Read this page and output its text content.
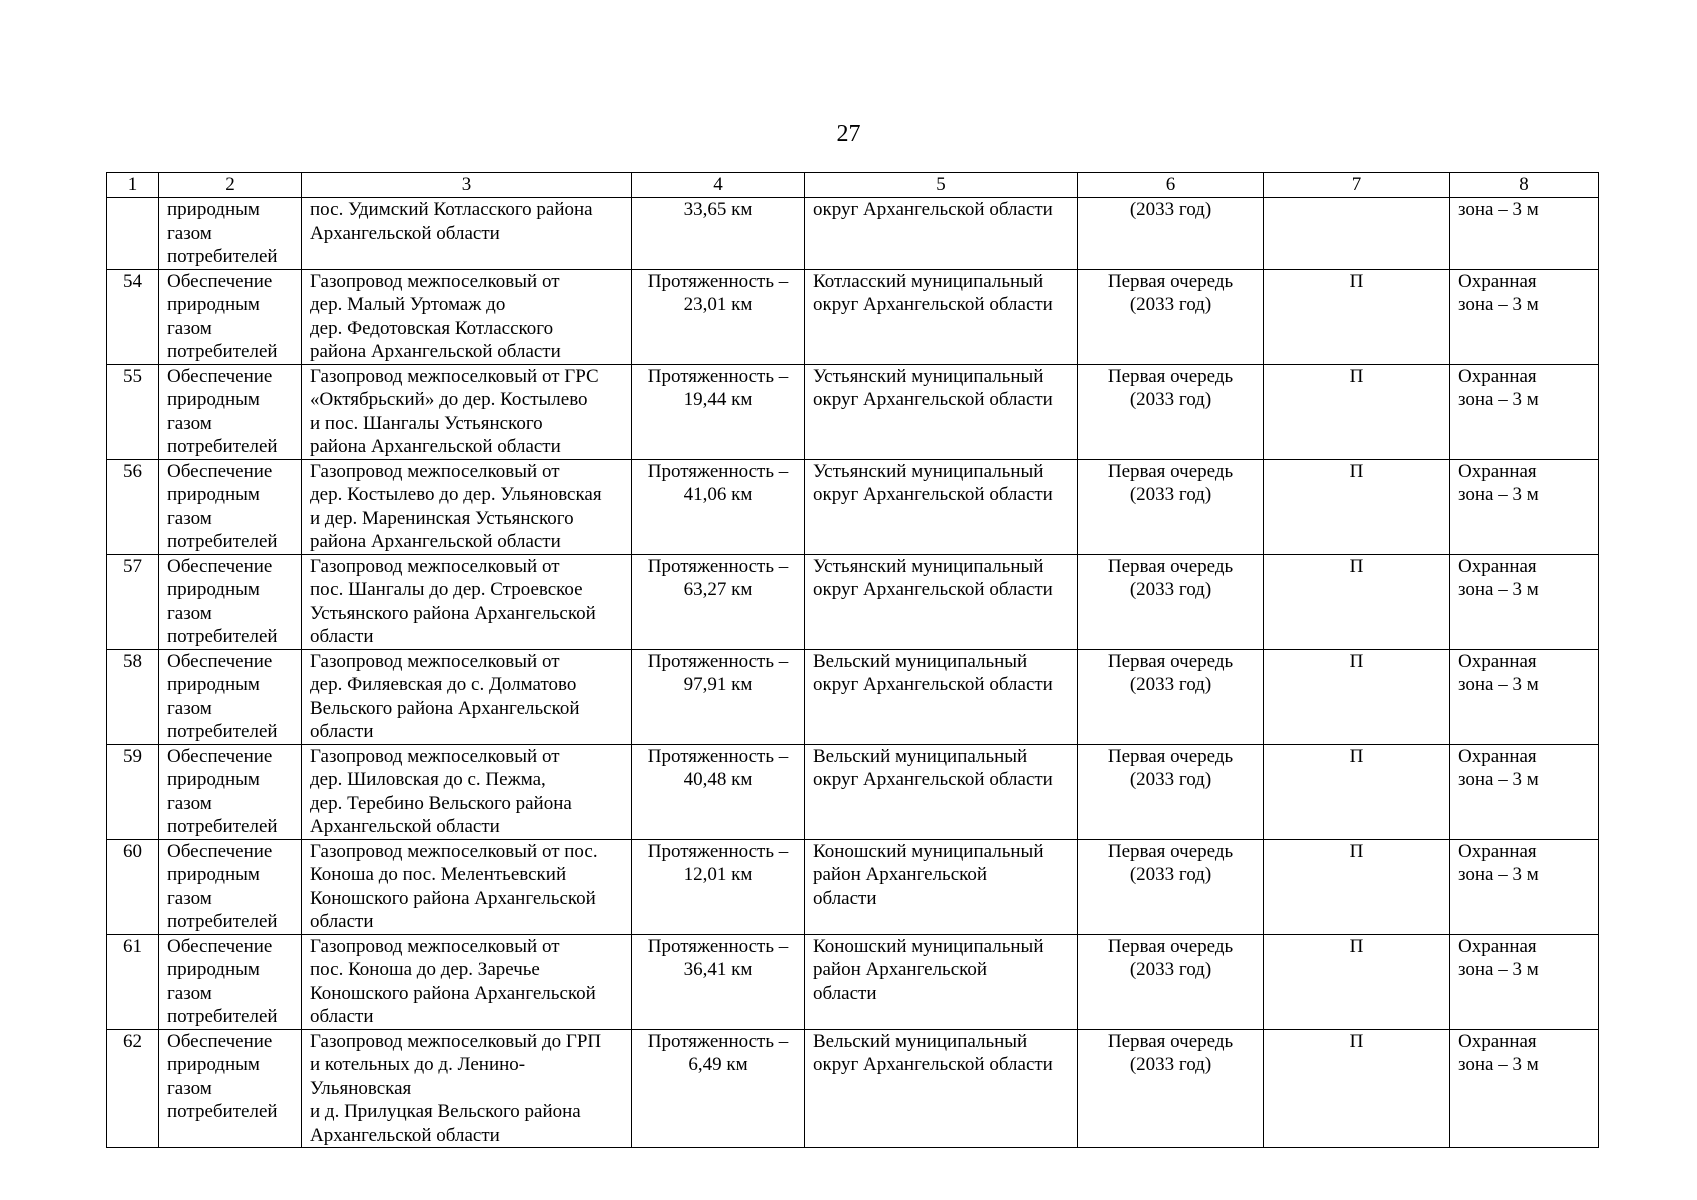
27
1	2	3	4	5	6	7	8
	природным
газом
потребителей	пос. Удимский Котласского района
Архангельской области	33,65 км	округ Архангельской области	(2033 год)		зона – 3 м
54	Обеспечение
природным
газом
потребителей	Газопровод межпоселковый от
дер. Малый Уртомаж до
дер. Федотовская Котласского
района Архангельской области	Протяженность –
23,01 км	Котласский муниципальный
округ Архангельской области	Первая очередь
(2033 год)	П	Охранная
зона – 3 м
55	Обеспечение
природным
газом
потребителей	Газопровод межпоселковый от ГРС
«Октябрьский» до дер. Костылево
и пос. Шангалы Устьянского
района Архангельской области	Протяженность –
19,44 км	Устьянский муниципальный
округ Архангельской области	Первая очередь
(2033 год)	П	Охранная
зона – 3 м
56	Обеспечение
природным
газом
потребителей	Газопровод межпоселковый от
дер. Костылево до дер. Ульяновская
и дер. Маренинская Устьянского
района Архангельской области	Протяженность –
41,06 км	Устьянский муниципальный
округ Архангельской области	Первая очередь
(2033 год)	П	Охранная
зона – 3 м
57	Обеспечение
природным
газом
потребителей	Газопровод межпоселковый от
пос. Шангалы до дер. Строевское
Устьянского района Архангельской
области	Протяженность –
63,27 км	Устьянский муниципальный
округ Архангельской области	Первая очередь
(2033 год)	П	Охранная
зона – 3 м
58	Обеспечение
природным
газом
потребителей	Газопровод межпоселковый от
дер. Филяевская до с. Долматово
Вельского района Архангельской
области	Протяженность –
97,91 км	Вельский муниципальный
округ Архангельской области	Первая очередь
(2033 год)	П	Охранная
зона – 3 м
59	Обеспечение
природным
газом
потребителей	Газопровод межпоселковый от
дер. Шиловская до с. Пежма,
дер. Теребино Вельского района
Архангельской области	Протяженность –
40,48 км	Вельский муниципальный
округ Архангельской области	Первая очередь
(2033 год)	П	Охранная
зона – 3 м
60	Обеспечение
природным
газом
потребителей	Газопровод межпоселковый от пос.
Коноша до пос. Мелентьевский
Коношского района Архангельской
области	Протяженность –
12,01 км	Коношский муниципальный
район Архангельской
области	Первая очередь
(2033 год)	П	Охранная
зона – 3 м
61	Обеспечение
природным
газом
потребителей	Газопровод межпоселковый от
пос. Коноша до дер. Заречье
Коношского района Архангельской
области	Протяженность –
36,41 км	Коношский муниципальный
район Архангельской
области	Первая очередь
(2033 год)	П	Охранная
зона – 3 м
62	Обеспечение
природным
газом
потребителей	Газопровод межпоселковый до ГРП
и котельных до д. Ленино-Ульяновская
и д. Прилуцкая Вельского района
Архангельской области	Протяженность –
6,49 км	Вельский муниципальный
округ Архангельской области	Первая очередь
(2033 год)	П	Охранная
зона – 3 м
